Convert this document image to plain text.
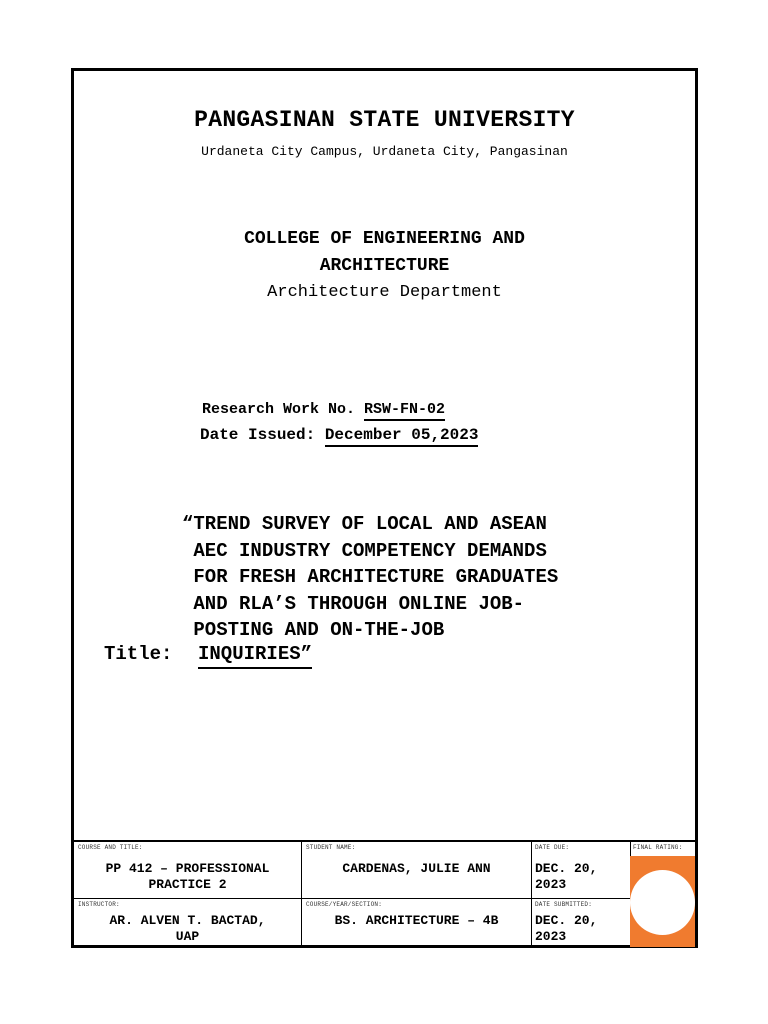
PANGASINAN STATE UNIVERSITY
Urdaneta City Campus, Urdaneta City, Pangasinan
COLLEGE OF ENGINEERING AND
ARCHITECTURE
Architecture Department
Research Work No. RSW-FN-02
Date Issued: December 05,2023
“TREND SURVEY OF LOCAL AND ASEAN
AEC INDUSTRY COMPETENCY DEMANDS
FOR FRESH ARCHITECTURE GRADUATES
AND RLA’S THROUGH ONLINE JOB-
POSTING AND ON-THE-JOB
Title: INQUIRIES”
COURSE AND TITLE:
PP 412 – PROFESSIONAL
PRACTICE 2
STUDENT NAME:
CARDENAS, JULIE ANN
DATE DUE:
DEC. 20,
2023
FINAL RATING:
INSTRUCTOR:
AR. ALVEN T. BACTAD,
UAP
COURSE/YEAR/SECTION:
BS. ARCHITECTURE – 4B
DATE SUBMITTED:
DEC. 20,
2023
